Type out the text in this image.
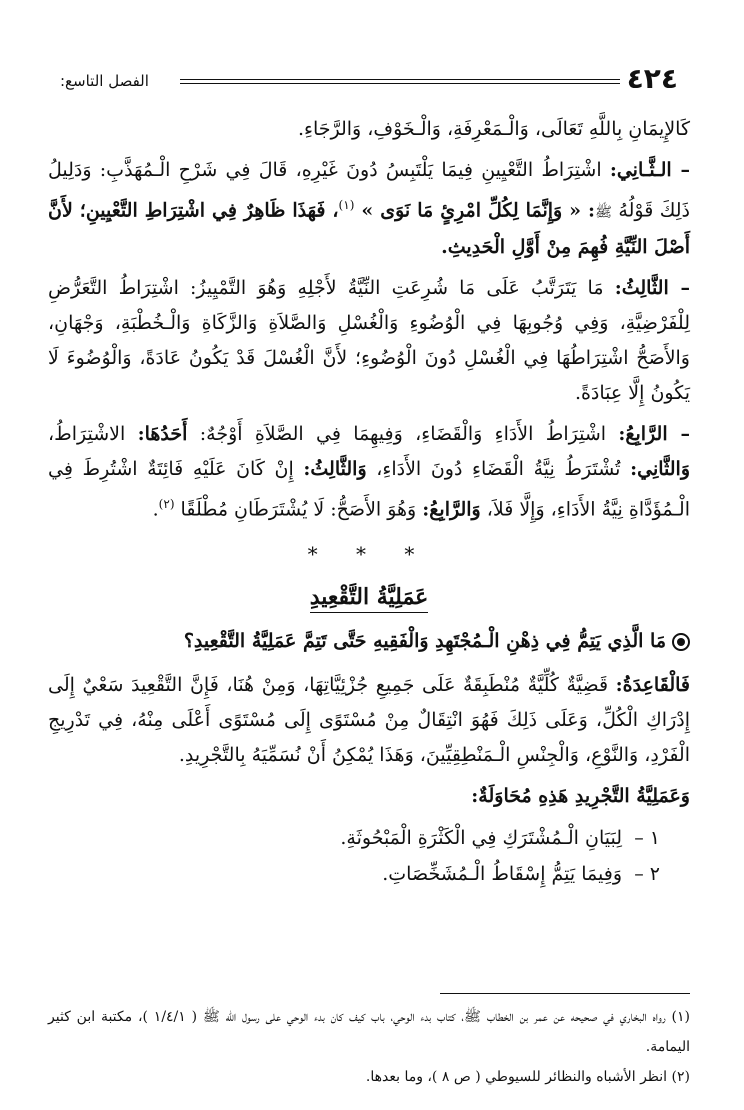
٤٢٤
الفصل التاسع:

كَالإِيمَانِ بِاللَّهِ تَعَالَى، وَالْـمَعْرِفَةِ، وَالْـخَوْفِ، وَالرَّجَاءِ.

– الـثَّـانِي: اشْتِرَاطُ التَّعْيِينِ فِيمَا يَلْتَبِسُ دُونَ غَيْرِهِ، قَالَ فِي شَرْحِ الْـمُهَذَّبِ: وَدَلِيلُ ذَلِكَ قَوْلُهُ ﷺ: « وَإِنَّمَا لِكُلِّ امْرِئٍ مَا نَوَى » $^{(١)}$، فَهَذَا ظَاهِرٌ فِي اشْتِرَاطِ التَّعْيِينِ؛ لأَنَّ أَصْلَ النِّيَّةِ فُهِمَ مِنْ أَوَّلِ الْحَدِيثِ.

– الثَّالِثُ: مَا يَتَرَتَّبُ عَلَى مَا شُرِعَتِ النِّيَّةُ لأَجْلِهِ وَهُوَ التَّمْيِيزُ: اشْتِرَاطُ التَّعَرُّضِ لِلْفَرْضِيَّةِ، وَفِي وُجُوبِهَا فِي الْوُضُوءِ وَالْغُسْلِ وَالصَّلاَةِ وَالزَّكَاةِ وَالْـخُطْبَةِ، وَجْهَانِ، وَالأَصَحُّ اشْتِرَاطُهَا فِي الْغُسْلِ دُونَ الْوُضُوءِ؛ لأَنَّ الْغُسْلَ قَدْ يَكُونُ عَادَةً، وَالْوُضُوءَ لَا يَكُونُ إِلَّا عِبَادَةً.

– الرَّابِعُ: اشْتِرَاطُ الأَدَاءِ وَالْقَضَاءِ، وَفِيهِمَا فِي الصَّلاَةِ أَوْجُهٌ: أَحَدُهَا: الاشْتِرَاطُ، وَالثَّانِي: تُشْتَرَطُ نِيَّةُ الْقَضَاءِ دُونَ الأَدَاءِ، وَالثَّالِثُ: إِنْ كَانَ عَلَيْهِ فَائِتَةٌ اشْتُرِطَ فِي الْـمُؤَدَّاةِ نِيَّةُ الأَدَاءِ، وَإِلَّا فَلاَ، وَالرَّابِعُ: وَهُوَ الأَصَحُّ: لَا يُشْتَرَطَانِ مُطْلَقًا $^{(٢)}$.

* * *
عَمَلِيَّةُ التَّقْعِيدِ

مَا الَّذِي يَتِمُّ فِي ذِهْنِ الْـمُجْتَهِدِ وَالْفَقِيهِ حَتَّى تَتِمَّ عَمَلِيَّةُ التَّقْعِيدِ؟

فَالْقَاعِدَةُ: قَضِيَّةٌ كُلِّيَّةٌ مُنْطَبِقَةٌ عَلَى جَمِيعِ جُزْئِيَّاتِهَا، وَمِنْ هُنَا، فَإِنَّ التَّقْعِيدَ سَعْيٌ إِلَى إِدْرَاكِ الْكُلِّ، وَعَلَى ذَلِكَ فَهُوَ انْتِقَالٌ مِنْ مُسْتَوًى إِلَى مُسْتَوًى أَعْلَى مِنْهُ، فِي تَدْرِيجِ الْفَرْدِ، وَالنَّوْعِ، وَالْجِنْسِ الْـمَنْطِقِيِّينَ، وَهَذَا يُمْكِنُ أَنْ نُسَمِّيَهُ بِالتَّجْرِيدِ.

وَعَمَلِيَّةُ التَّجْرِيدِ هَذِهِ مُحَاوَلَةٌ:

١ –لِبَيَانِ الْـمُشْتَرَكِ فِي الْكَثْرَةِ الْمَبْحُوثَةِ.
٢ –وَفِيمَا يَتِمُّ إِسْقَاطُ الْـمُشَخِّصَاتِ.
(١) رواه البخاري في صحيحه عن عمر بن الخطاب ﷺ، كتاب بدء الوحي، باب كيف كان بدء الوحي على رسول الله ﷺ ( ١/٤/١ )، مكتبة ابن كثير اليمامة.
(٢) انظر الأشباه والنظائر للسيوطي ( ص ٨ )، وما بعدها.
